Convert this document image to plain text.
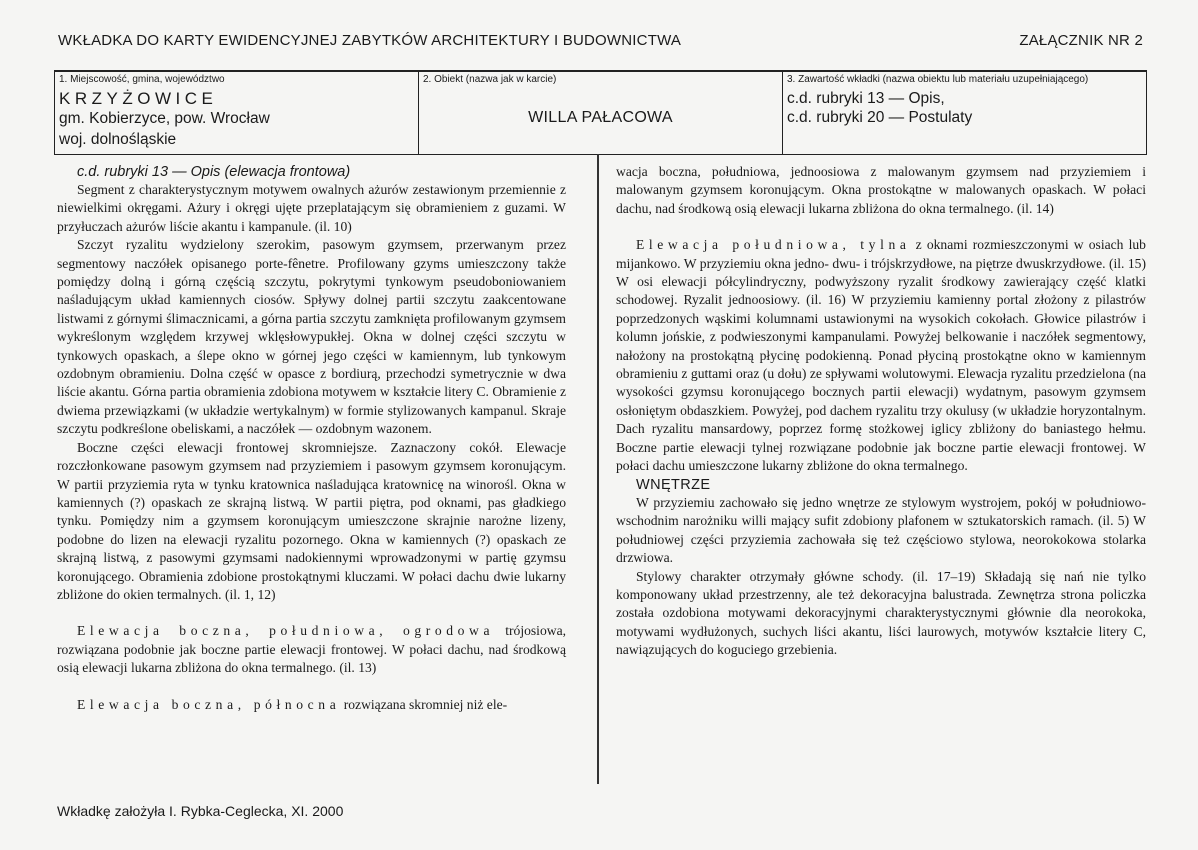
WKŁADKA DO KARTY EWIDENCYJNEJ ZABYTKÓW ARCHITEKTURY I BUDOWNICTWA	ZAŁĄCZNIK NR 2
1. Miejscowość, gmina, województwo
KRZYŻOWICE
gm. Kobierzyce, pow. Wrocław
woj. dolnośląskie
2. Obiekt (nazwa jak w karcie)
WILLA PAŁACOWA
3. Zawartość wkładki (nazwa obiektu lub materiału uzupełniającego)
c.d. rubryki 13 — Opis,
c.d. rubryki 20 — Postulaty

c.d. rubryki 13 — Opis (elewacja frontowa)

Segment z charakterystycznym motywem owalnych ażurów zestawionym przemiennie z niewielkimi okręgami. Ażury i okręgi ujęte przeplatającym się obramieniem z guzami. W przyłuczach ażurów liście akantu i kampanule. (il. 10)

Szczyt ryzalitu wydzielony szerokim, pasowym gzymsem, przerwanym przez segmentowy naczółek opisanego porte-fênetre. Profilowany gzyms umieszczony także pomiędzy dolną i górną częścią szczytu, pokrytymi tynkowym pseudoboniowaniem naśladującym układ kamiennych ciosów. Spływy dolnej partii szczytu zaakcentowane listwami z górnymi ślimacznicami, a górna partia szczytu zamknięta profilowanym gzymsem wykreślonym względem krzywej wklęsłowypukłej. Okna w dolnej części szczytu w tynkowych opaskach, a ślepe okno w górnej jego części w kamiennym, lub tynkowym ozdobnym obramieniu. Dolna część w opasce z bordiurą, przechodzi symetrycznie w dwa liście akantu. Górna partia obramienia zdobiona motywem w kształcie litery C. Obramienie z dwiema przewiązkami (w układzie wertykalnym) w formie stylizowanych kampanul. Skraje szczytu podkreślone obeliskami, a naczółek — ozdobnym wazonem.

Boczne części elewacji frontowej skromniejsze. Zaznaczony cokół. Elewacje rozczłonkowane pasowym gzymsem nad przyziemiem i pasowym gzymsem koronującym. W partii przyziemia ryta w tynku kratownica naśladująca kratownicę na winorośl. Okna w kamiennych (?) opaskach ze skrajną listwą. W partii piętra, pod oknami, pas gładkiego tynku. Pomiędzy nim a gzymsem koronującym umieszczone skrajnie narożne lizeny, podobne do lizen na elewacji ryzalitu pozornego. Okna w kamiennych (?) opaskach ze skrajną listwą, z pasowymi gzymsami nadokiennymi wprowadzonymi w partię gzymsu koronującego. Obramienia zdobione prostokątnymi kluczami. W połaci dachu dwie lukarny zbliżone do okien termalnych. (il. 1, 12)

Elewacja boczna, południowa, ogrodowa trójosiowa, rozwiązana podobnie jak boczne partie elewacji frontowej. W połaci dachu, nad środkową osią elewacji lukarna zbliżona do okna termalnego. (il. 13)

Elewacja boczna, północna rozwiązana skromniej niż ele-

wacja boczna, południowa, jednoosiowa z malowanym gzymsem nad przyziemiem i malowanym gzymsem koronującym. Okna prostokątne w malowanych opaskach. W połaci dachu, nad środkową osią elewacji lukarna zbliżona do okna termalnego. (il. 14)

Elewacja południowa, tylna z oknami rozmieszczonymi w osiach lub mijankowo. W przyziemiu okna jedno- dwu- i trójskrzydłowe, na piętrze dwuskrzydłowe. (il. 15) W osi elewacji półcylindryczny, podwyższony ryzalit środkowy zawierający część klatki schodowej. Ryzalit jednoosiowy. (il. 16) W przyziemiu kamienny portal złożony z pilastrów poprzedzonych wąskimi kolumnami ustawionymi na wysokich cokołach. Głowice pilastrów i kolumn jońskie, z podwieszonymi kampanulami. Powyżej belkowanie i naczółek segmentowy, nałożony na prostokątną płycinę podokienną. Ponad płyciną prostokątne okno w kamiennym obramieniu z guttami oraz (u dołu) ze spływami wolutowymi. Elewacja ryzalitu przedzielona (na wysokości gzymsu koronującego bocznych partii elewacji) wydatnym, pasowym gzymsem osłoniętym obdaszkiem. Powyżej, pod dachem ryzalitu trzy okulusy (w układzie horyzontalnym. Dach ryzalitu mansardowy, poprzez formę stożkowej iglicy zbliżony do baniastego hełmu. Boczne partie elewacji tylnej rozwiązane podobnie jak boczne partie elewacji frontowej. W połaci dachu umieszczone lukarny zbliżone do okna termalnego.

WNĘTRZE

W przyziemiu zachowało się jedno wnętrze ze stylowym wystrojem, pokój w południowo-wschodnim narożniku willi mający sufit zdobiony plafonem w sztukatorskich ramach. (il. 5) W południowej części przyziemia zachowała się też częściowo stylowa, neorokokowa stolarka drzwiowa.

Stylowy charakter otrzymały główne schody. (il. 17–19) Składają się nań nie tylko komponowany układ przestrzenny, ale też dekoracyjna balustrada. Zewnętrza strona policzka została ozdobiona motywami dekoracyjnymi charakterystycznymi głównie dla neorokoka, motywami wydłużonych, suchych liści akantu, liści laurowych, motywów kształcie litery C, nawiązujących do koguciego grzebienia.

Wkładkę założyła I. Rybka-Ceglecka, XI. 2000
